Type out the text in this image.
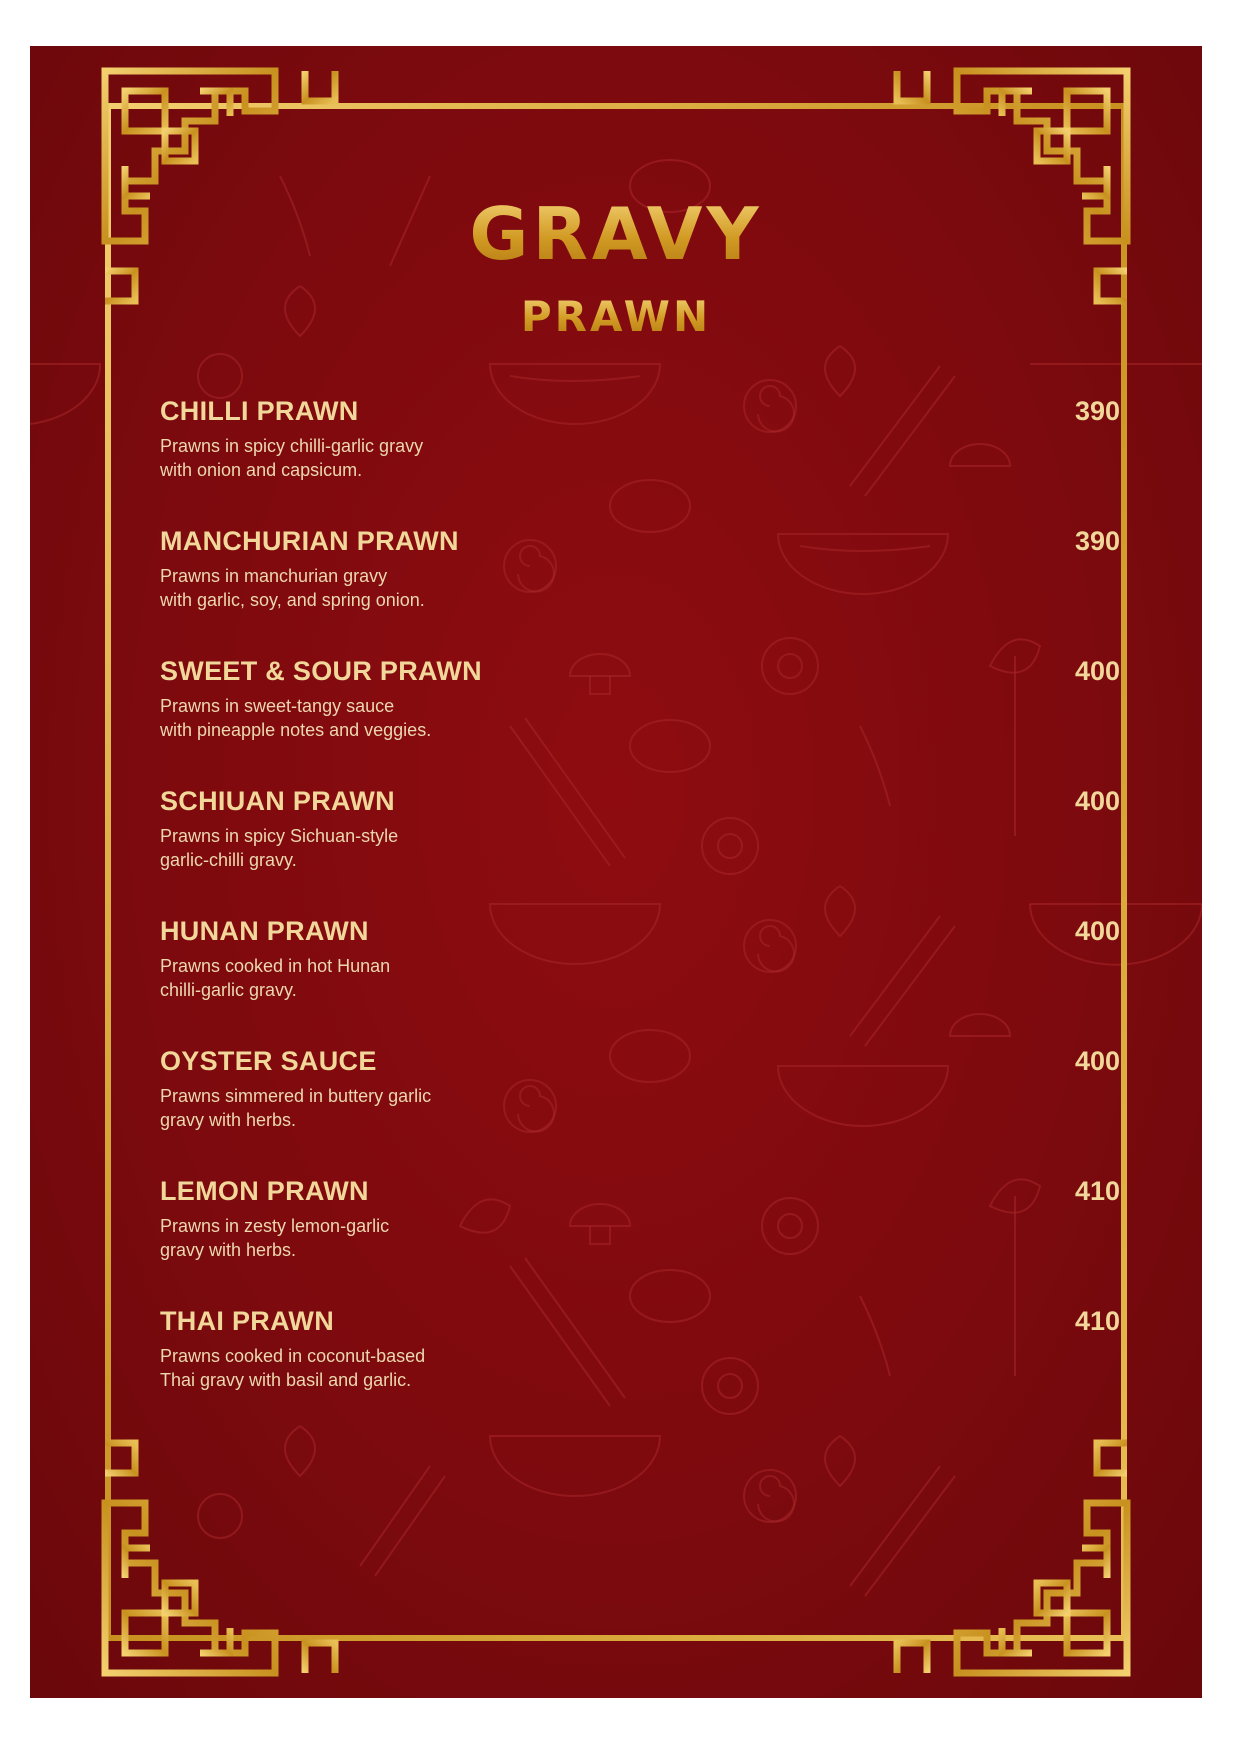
GRAVY
PRAWN
CHILLI PRAWN

Prawns in spicy chilli-garlic gravy
with onion and capsicum.

390
MANCHURIAN PRAWN

Prawns in manchurian gravy
with garlic, soy, and spring onion.

390
SWEET & SOUR PRAWN

Prawns in sweet-tangy sauce
with pineapple notes and veggies.

400
SCHIUAN PRAWN

Prawns in spicy Sichuan-style
garlic-chilli gravy.

400
HUNAN PRAWN

Prawns cooked in hot Hunan
chilli-garlic gravy.

400
OYSTER SAUCE

Prawns simmered in buttery garlic
gravy with herbs.

400
LEMON PRAWN

Prawns in zesty lemon-garlic
gravy with herbs.

410
THAI PRAWN

Prawns cooked in coconut-based
Thai gravy with basil and garlic.

410
